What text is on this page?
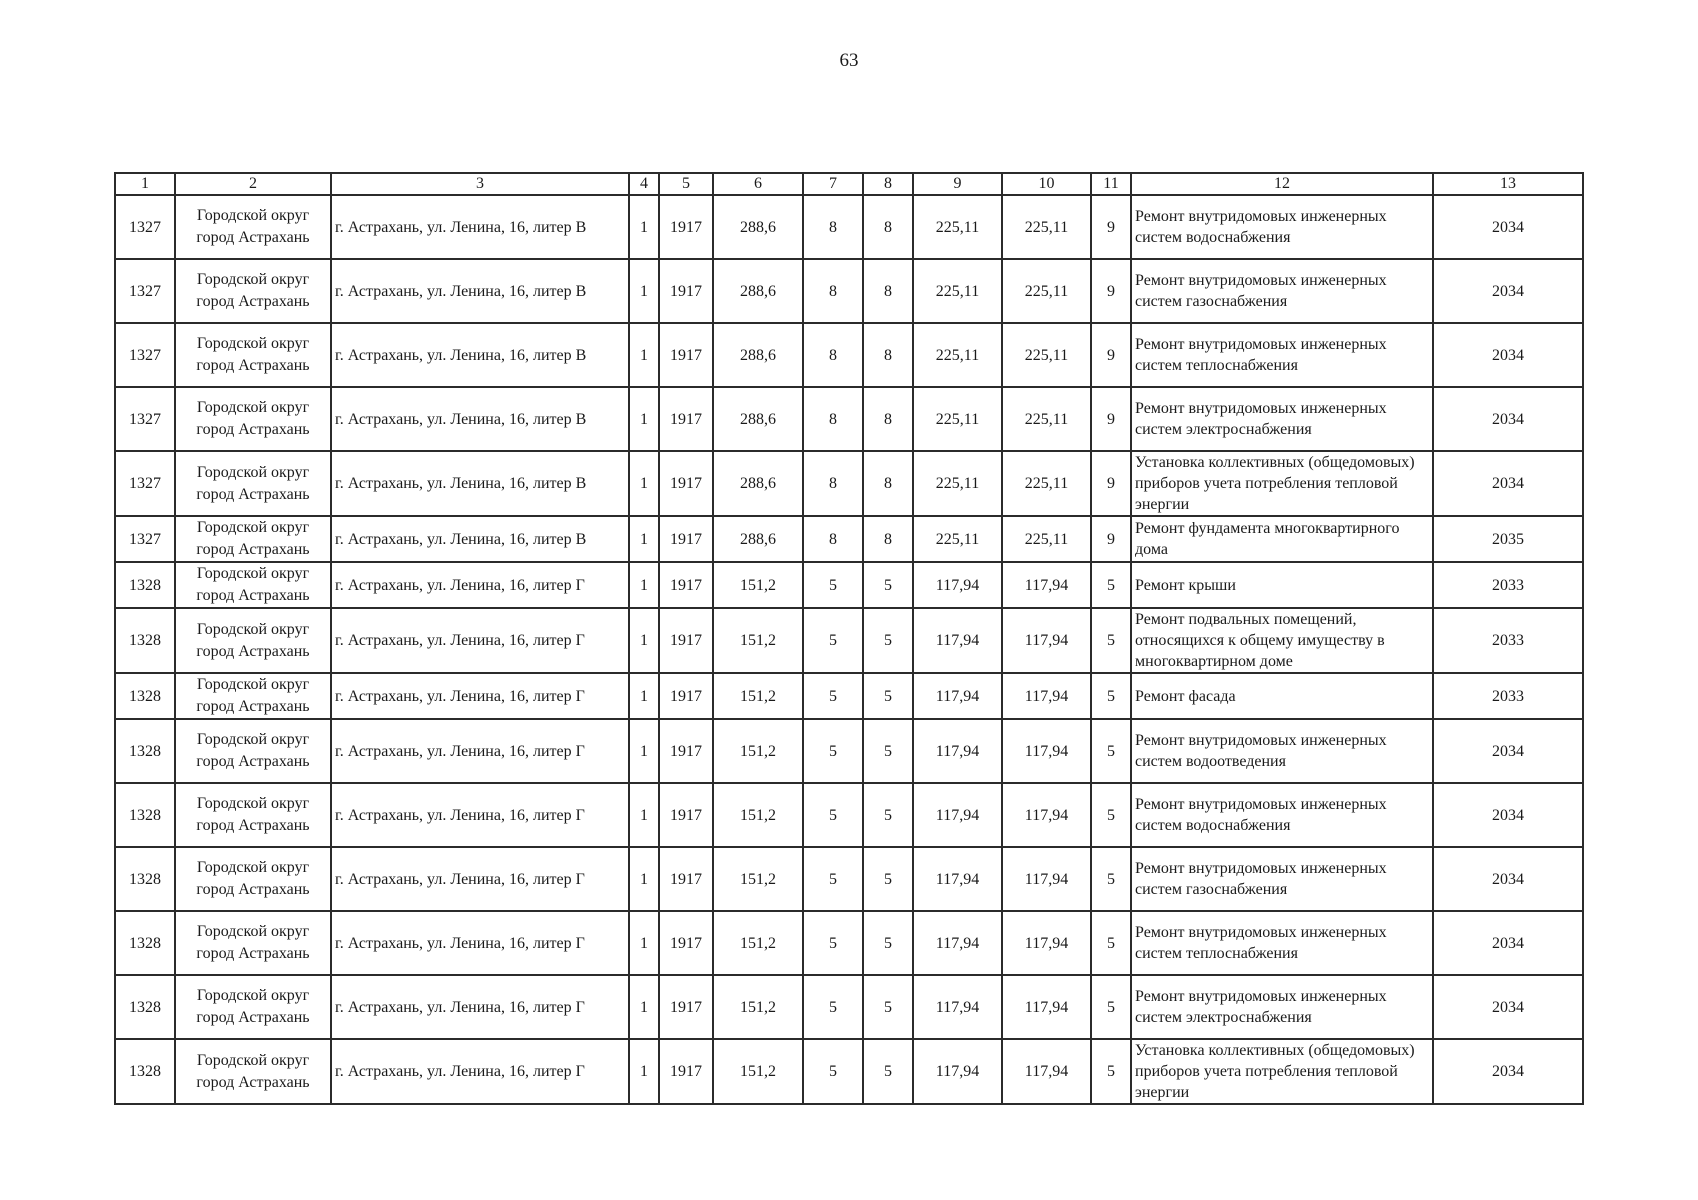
63
1	2	3	4	5	6	7	8	9	10	11	12	13
1327	Городской округ город Астрахань	г. Астрахань, ул. Ленина, 16, литер В	1	1917	288,6	8	8	225,11	225,11	9	Ремонт внутридомовых инженерных систем водоснабжения	2034
1327	Городской округ город Астрахань	г. Астрахань, ул. Ленина, 16, литер В	1	1917	288,6	8	8	225,11	225,11	9	Ремонт внутридомовых инженерных систем газоснабжения	2034
1327	Городской округ город Астрахань	г. Астрахань, ул. Ленина, 16, литер В	1	1917	288,6	8	8	225,11	225,11	9	Ремонт внутридомовых инженерных систем теплоснабжения	2034
1327	Городской округ город Астрахань	г. Астрахань, ул. Ленина, 16, литер В	1	1917	288,6	8	8	225,11	225,11	9	Ремонт внутридомовых инженерных систем электроснабжения	2034
1327	Городской округ город Астрахань	г. Астрахань, ул. Ленина, 16, литер В	1	1917	288,6	8	8	225,11	225,11	9	Установка коллективных (общедомовых) приборов учета потребления тепловой энергии	2034
1327	Городской округ город Астрахань	г. Астрахань, ул. Ленина, 16, литер В	1	1917	288,6	8	8	225,11	225,11	9	Ремонт фундамента многоквартирного дома	2035
1328	Городской округ город Астрахань	г. Астрахань, ул. Ленина, 16, литер Г	1	1917	151,2	5	5	117,94	117,94	5	Ремонт крыши	2033
1328	Городской округ город Астрахань	г. Астрахань, ул. Ленина, 16, литер Г	1	1917	151,2	5	5	117,94	117,94	5	Ремонт подвальных помещений, относящихся к общему имуществу в многоквартирном доме	2033
1328	Городской округ город Астрахань	г. Астрахань, ул. Ленина, 16, литер Г	1	1917	151,2	5	5	117,94	117,94	5	Ремонт фасада	2033
1328	Городской округ город Астрахань	г. Астрахань, ул. Ленина, 16, литер Г	1	1917	151,2	5	5	117,94	117,94	5	Ремонт внутридомовых инженерных систем водоотведения	2034
1328	Городской округ город Астрахань	г. Астрахань, ул. Ленина, 16, литер Г	1	1917	151,2	5	5	117,94	117,94	5	Ремонт внутридомовых инженерных систем водоснабжения	2034
1328	Городской округ город Астрахань	г. Астрахань, ул. Ленина, 16, литер Г	1	1917	151,2	5	5	117,94	117,94	5	Ремонт внутридомовых инженерных систем газоснабжения	2034
1328	Городской округ город Астрахань	г. Астрахань, ул. Ленина, 16, литер Г	1	1917	151,2	5	5	117,94	117,94	5	Ремонт внутридомовых инженерных систем теплоснабжения	2034
1328	Городской округ город Астрахань	г. Астрахань, ул. Ленина, 16, литер Г	1	1917	151,2	5	5	117,94	117,94	5	Ремонт внутридомовых инженерных систем электроснабжения	2034
1328	Городской округ город Астрахань	г. Астрахань, ул. Ленина, 16, литер Г	1	1917	151,2	5	5	117,94	117,94	5	Установка коллективных (общедомовых) приборов учета потребления тепловой энергии	2034
